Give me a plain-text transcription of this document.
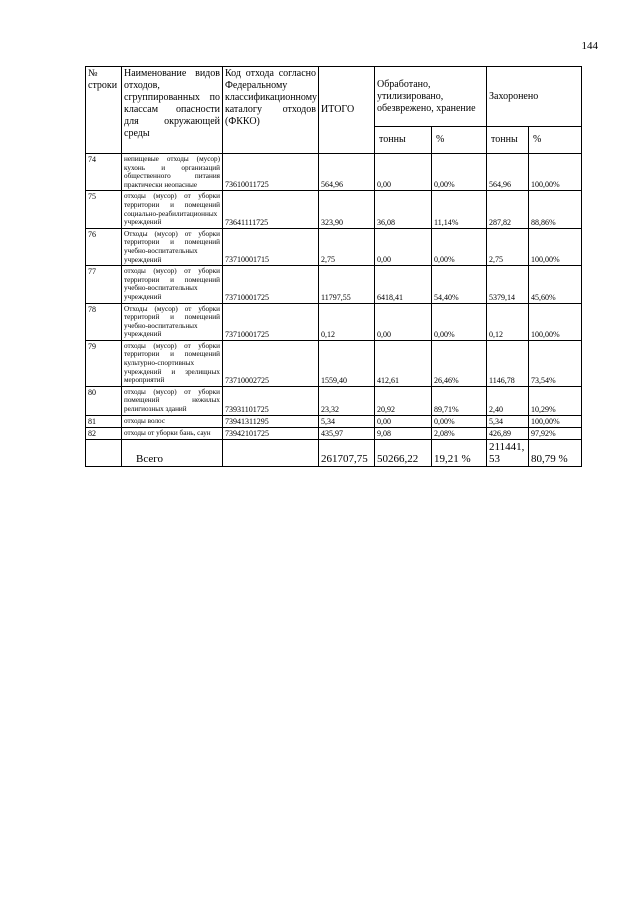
144
№ строки	Наименование видов отходов, сгруппированных по классам опасности для окружающей среды	Код отхода согласно Федеральному классификационному каталогу отходов (ФККО)	ИТОГО	Обработано, утилизировано, обезврежено, хранение		Захоронено	
				тонны	%	тонны	%
74	непищевые отходы (мусор) кухонь и организаций общественного питания практически неопасные	73610011725	564,96	0,00	0,00%	564,96	100,00%
75	отходы (мусор) от уборки территории и помещений социально-реабилитационных учреждений	73641111725	323,90	36,08	11,14%	287,82	88,86%
76	Отходы (мусор) от уборки территории и помещений учебно-воспитательных учреждений	73710001715	2,75	0,00	0,00%	2,75	100,00%
77	отходы (мусор) от уборки территории и помещений учебно-воспитательных учреждений	73710001725	11797,55	6418,41	54,40%	5379,14	45,60%
78	Отходы (мусор) от уборки территорий и помещений учебно-воспитательных учреждений	73710001725	0,12	0,00	0,00%	0,12	100,00%
79	отходы (мусор) от уборки территории и помещений культурно-спортивных учреждений и зрелищных мероприятий	73710002725	1559,40	412,61	26,46%	1146,78	73,54%
80	отходы (мусор) от уборки помещений нежилых религиозных зданий	73931101725	23,32	20,92	89,71%	2,40	10,29%
81	отходы волос	73941311295	5,34	0,00	0,00%	5,34	100,00%
82	отходы от уборки бань, саун	73942101725	435,97	9,08	2,08%	426,89	97,92%
	Всего		261707,75	50266,22	19,21 %	211441,53	80,79 %
